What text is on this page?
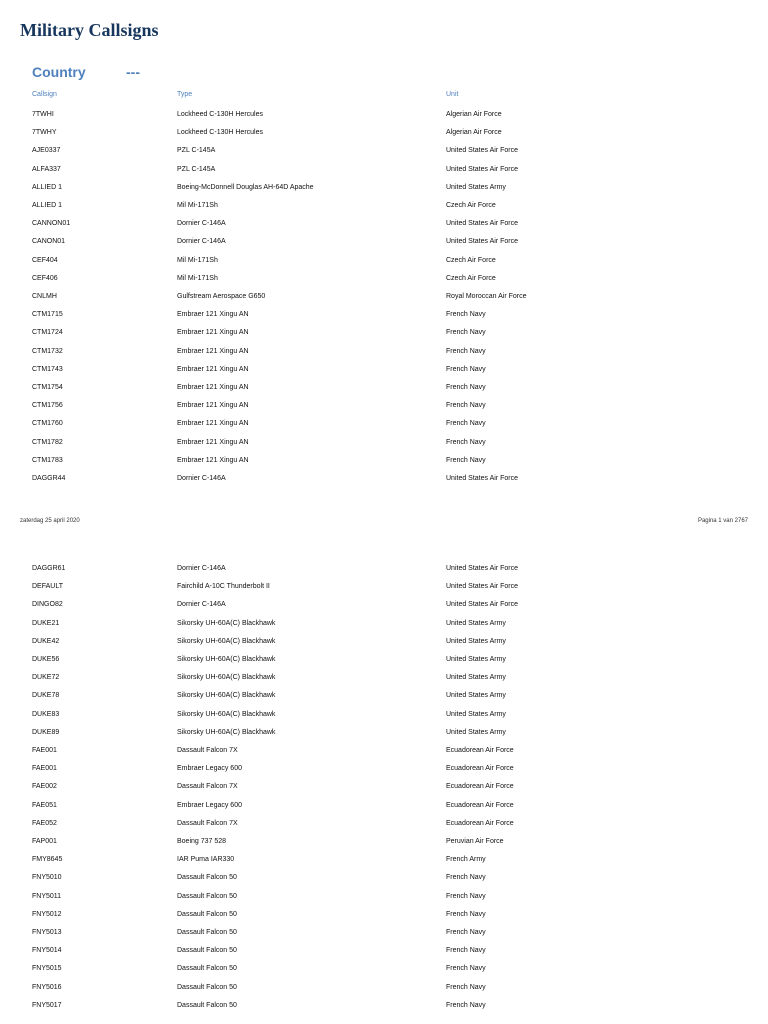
Military Callsigns
Country	---
Callsign	Type	Unit
7TWHI	Lockheed C-130H Hercules	Algerian Air Force
7TWHY	Lockheed C-130H Hercules	Algerian Air Force
AJE0337	PZL C-145A	United States Air Force
ALFA337	PZL C-145A	United States Air Force
ALLIED 1	Boeing-McDonnell Douglas AH-64D Apache	United States Army
ALLIED 1	Mil Mi-171Sh	Czech Air Force
CANNON01	Dornier C-146A	United States Air Force
CANON01	Dornier C-146A	United States Air Force
CEF404	Mil Mi-171Sh	Czech Air Force
CEF406	Mil Mi-171Sh	Czech Air Force
CNLMH	Gulfstream Aerospace G650	Royal Moroccan Air Force
CTM1715	Embraer 121 Xingu AN	French Navy
CTM1724	Embraer 121 Xingu AN	French Navy
CTM1732	Embraer 121 Xingu AN	French Navy
CTM1743	Embraer 121 Xingu AN	French Navy
CTM1754	Embraer 121 Xingu AN	French Navy
CTM1756	Embraer 121 Xingu AN	French Navy
CTM1760	Embraer 121 Xingu AN	French Navy
CTM1782	Embraer 121 Xingu AN	French Navy
CTM1783	Embraer 121 Xingu AN	French Navy
DAGGR44	Dornier C-146A	United States Air Force
zaterdag 25 april 2020	Pagina 1 van 2767
DAGGR61	Dornier C-146A	United States Air Force
DEFAULT	Fairchild A-10C Thunderbolt II	United States Air Force
DINGO82	Dornier C-146A	United States Air Force
DUKE21	Sikorsky UH-60A(C) Blackhawk	United States Army
DUKE42	Sikorsky UH-60A(C) Blackhawk	United States Army
DUKE56	Sikorsky UH-60A(C) Blackhawk	United States Army
DUKE72	Sikorsky UH-60A(C) Blackhawk	United States Army
DUKE78	Sikorsky UH-60A(C) Blackhawk	United States Army
DUKE83	Sikorsky UH-60A(C) Blackhawk	United States Army
DUKE89	Sikorsky UH-60A(C) Blackhawk	United States Army
FAE001	Dassault Falcon 7X	Ecuadorean Air Force
FAE001	Embraer Legacy 600	Ecuadorean Air Force
FAE002	Dassault Falcon 7X	Ecuadorean Air Force
FAE051	Embraer Legacy 600	Ecuadorean Air Force
FAE052	Dassault Falcon 7X	Ecuadorean Air Force
FAP001	Boeing 737 528	Peruvian Air Force
FMY8645	IAR Puma IAR330	French Army
FNY5010	Dassault Falcon 50	French Navy
FNY5011	Dassault Falcon 50	French Navy
FNY5012	Dassault Falcon 50	French Navy
FNY5013	Dassault Falcon 50	French Navy
FNY5014	Dassault Falcon 50	French Navy
FNY5015	Dassault Falcon 50	French Navy
FNY5016	Dassault Falcon 50	French Navy
FNY5017	Dassault Falcon 50	French Navy
